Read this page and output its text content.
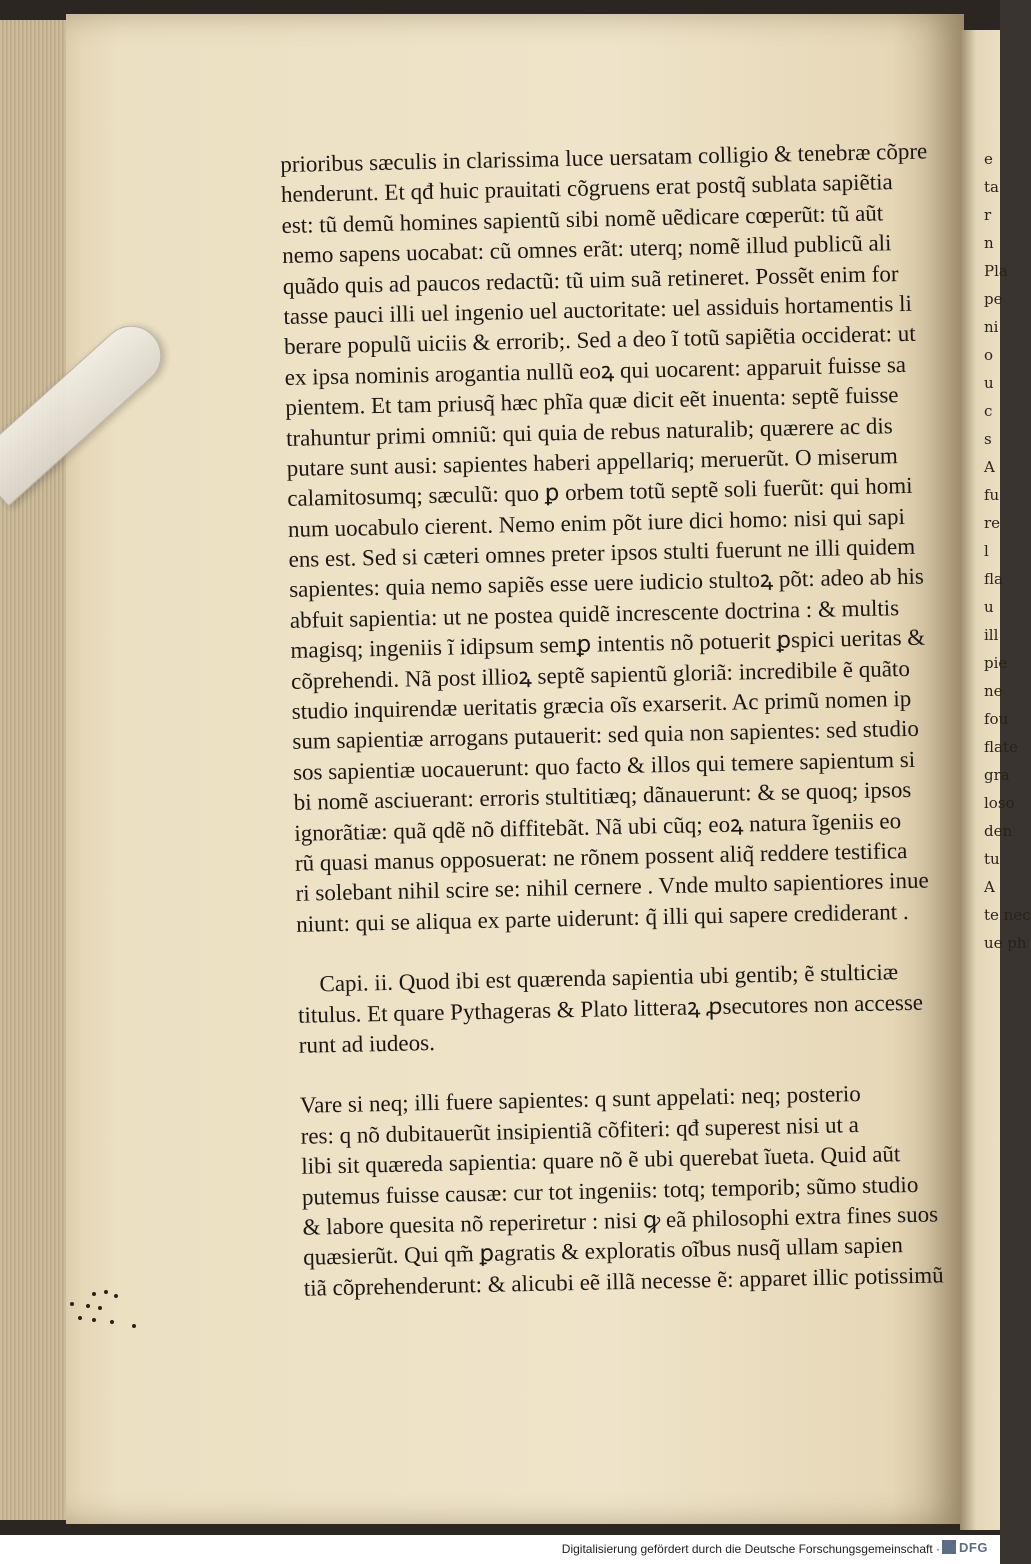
e
ta
r
n
Pla
pe
ni
o
u
c
s
A
fu
re
l
fla
u
ill
pie
ne
fou
flate
gra
loso
den
tu
A
te nec
ue ph
prioribus sæculis in clarissima luce uersatam colligio & tenebræ cõpre
henderunt. Et qđ huic prauitati cõgruens erat postq̃ sublata sapiẽtia
est: tũ demũ homines sapientũ sibi nomẽ uẽdicare cœperũt: tũ aũt
nemo sapens uocabat: cũ omnes erãt: uterq; nomẽ illud publicũ ali
quãdo quis ad paucos redactũ: tũ uim suã retineret. Possẽt enim for
tasse pauci illi uel ingenio uel auctoritate: uel assiduis hortamentis li
berare populũ uiciis & errorib;. Sed a deo ĩ totũ sapiẽtia occiderat: ut
ex ipsa nominis arogantia nullũ eoꝝ qui uocarent: apparuit fuisse sa
pientem. Et tam priusq̃ hæc phĩa quæ dicit eẽt inuenta: septẽ fuisse
trahuntur primi omniũ: qui quia de rebus naturalib; quærere ac dis
putare sunt ausi: sapientes haberi appellariq; meruerũt. O miserum
calamitosumq; sæculũ: quo ꝑ orbem totũ septẽ soli fuerũt: qui homi
num uocabulo cierent. Nemo enim põt iure dici homo: nisi qui sapi
ens est. Sed si cæteri omnes preter ipsos stulti fuerunt ne illi quidem
sapientes: quia nemo sapiẽs esse uere iudicio stultoꝝ põt: adeo ab his
abfuit sapientia: ut ne postea quidẽ increscente doctrina : & multis
magisq; ingeniis ĩ idipsum semꝑ intentis nõ potuerit ꝑspici ueritas &
cõprehendi. Nã post illioꝝ septẽ sapientũ gloriã: incredibile ẽ quãto
studio inquirendæ ueritatis græcia oĩs exarserit. Ac primũ nomen ip
sum sapientiæ arrogans putauerit: sed quia non sapientes: sed studio
sos sapientiæ uocauerunt: quo facto & illos qui temere sapientum si
bi nomẽ asciuerant: erroris stultitiæq; dãnauerunt: & se quoq; ipsos
ignorãtiæ: quã qdẽ nõ diffitebãt. Nã ubi cũq; eoꝝ natura ĩgeniis eo
rũ quasi manus opposuerat: ne rõnem possent aliq̃ reddere testifica
ri solebant nihil scire se: nihil cernere . Vnde multo sapientiores inue
niunt: qui se aliqua ex parte uiderunt: q̃ illi qui sapere crediderant .
Capi. ii. Quod ibi est quærenda sapientia ubi gentib; ẽ stulticiæ
titulus. Et quare Pythageras & Plato litteraꝝ ꝓsecutores non accesse
runt ad iudeos.
Vare si neq; illi fuere sapientes: q sunt appelati: neq; posterio
res: q nõ dubitauerũt insipientiã cõfiteri: qđ superest nisi ut a
libi sit quæreda sapientia: quare nõ ẽ ubi querebat ĩueta. Quid aũt
putemus fuisse causæ: cur tot ingeniis: totq; temporib; sũmo studio
& labore quesita nõ reperiretur : nisi ꝙ eã philosophi extra fines suos
quæsierũt. Qui qm̃ ꝑagratis & exploratis oĩbus nusq̃ ullam sapien
tiã cõprehenderunt: & alicubi eẽ illã necesse ẽ: apparet illic potissimũ
Digitalisierung gefördert durch die Deutsche Forschungsgemeinschaft ·	DFG
